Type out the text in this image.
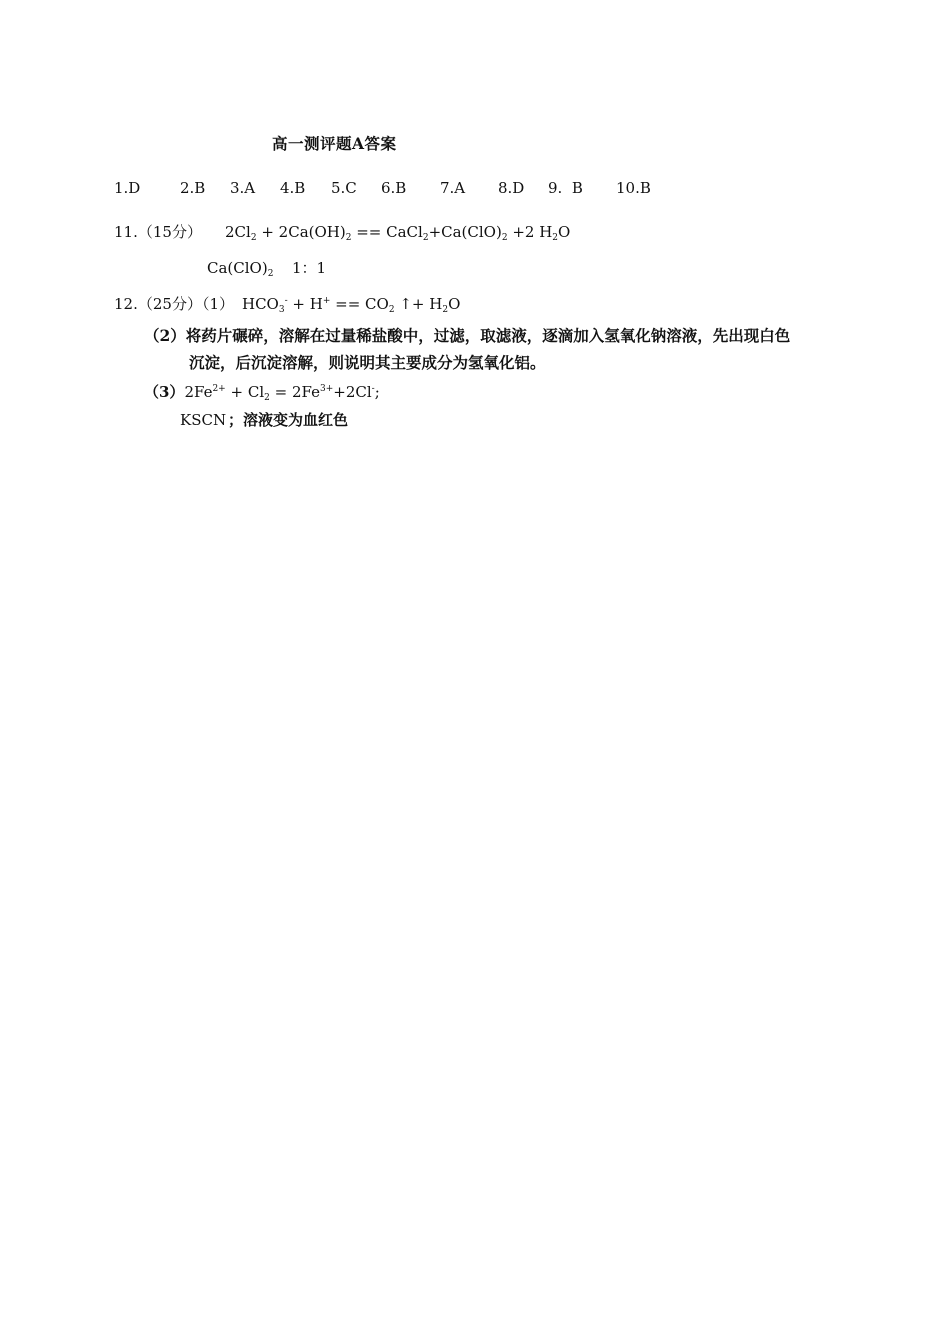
高一测评题A答案

1.D

	2.B

3.A

4.B

5.C

6.B

7.A

8.D

9.  B

10.B

11.（15分） $2Cl_2 + 2Ca(OH)_2$ == $CaCl_2+Ca(ClO)_2 +2$ $H_2O$
$Ca(ClO)_2$ 1：1
12.（25分）（1） $HCO_3^- + H^+ == CO_2$ ↑+ $H_2O$
（2）将药片碾碎，溶解在过量稀盐酸中，过滤，取滤液，逐滴加入氢氧化钠溶液，先出现白色
沉淀，后沉淀溶解，则说明其主要成分为氢氧化铝。
$(3)2Fe^{2+} + Cl_2 = 2Fe^{3+}+2Cl^-$;
KSCN ；溶液变为血红色
